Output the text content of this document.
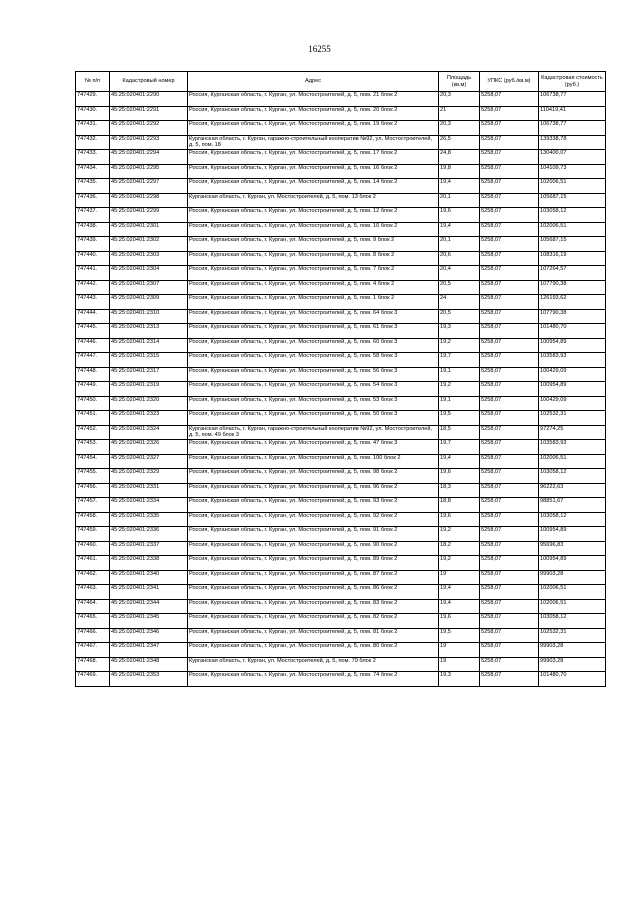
16255
№ п/п	Кадастровый номер	Адрес	Площадь (кв.м)	УПКС (руб./кв.м)	Кадастровая стоимость (руб.)
747429.	45:25:020401:2290	Россия, Курганская область, г. Курган, ул. Мостостроителей, д. 5, пом. 21 блок 2	20,3	5258,07	106738,77
747430.	45:25:020401:2291	Россия, Курганская область, г. Курган, ул. Мостостроителей, д. 5, пом. 20 блок 2	21	5258,07	110419,41
747431.	45:25:020401:2292	Россия, Курганская область, г. Курган, ул. Мостостроителей, д. 5, пом. 19 блок 2	20,3	5258,07	106738,77
747432.	45:25:020401:2293	Курганская область, г. Курган, гаражно-строительный кооператив №92, ул. Мостостроителей, д. 5, пом. 18	26,5	5258,07	139338,78
747433.	45:25:020401:2294	Россия, Курганская область, г. Курган, ул. Мостостроителей, д. 5, пом. 17 блок 2	24,8	5258,07	130400,07
747434.	45:25:020401:2295	Россия, Курганская область, г. Курган, ул. Мостостроителей, д. 5, пом. 16 блок 2	19,8	5258,07	104109,73
747435.	45:25:020401:2297	Россия, Курганская область, г. Курган, ул. Мостостроителей, д. 5, пом. 14 блок 2	19,4	5258,07	102006,51
747436.	45:25:020401:2298	Курганская область, г. Курган, ул. Мостостроителей, д. 5, пом. 13 блок 2	20,1	5258,07	105687,15
747437.	45:25:020401:2299	Россия, Курганская область, г. Курган, ул. Мостостроителей, д. 5, пом. 12 блок 2	19,6	5258,07	103058,12
747438.	45:25:020401:2301	Россия, Курганская область, г. Курган, ул. Мостостроителей, д. 5, пом. 10 блок 2	19,4	5258,07	102006,51
747439.	45:25:020401:2302	Россия, Курганская область, г. Курган, ул. Мостостроителей, д. 5, пом. 9 блок 2	20,1	5258,07	105687,15
747440.	45:25:020401:2303	Россия, Курганская область, г. Курган, ул. Мостостроителей, д. 5, пом. 8 блок 2	20,6	5258,07	108316,19
747441.	45:25:020401:2304	Россия, Курганская область, г. Курган, ул. Мостостроителей, д. 5, пом. 7 блок 2	20,4	5258,07	107264,57
747442.	45:25:020401:2307	Россия, Курганская область, г. Курган, ул. Мостостроителей, д. 5, пом. 4 блок 2	20,5	5258,07	107790,38
747443.	45:25:020401:2309	Россия, Курганская область, г. Курган, ул. Мостостроителей, д. 5, пом. 1 блок 2	24	5258,07	126193,62
747444.	45:25:020401:2310	Россия, Курганская область, г. Курган, ул. Мостостроителей, д. 5, пом. 64 блок 3	20,5	5258,07	107790,38
747445.	45:25:020401:2313	Россия, Курганская область, г. Курган, ул. Мостостроителей, д. 5, пом. 61 блок 3	19,3	5258,07	101480,70
747446.	45:25:020401:2314	Россия, Курганская область, г. Курган, ул. Мостостроителей, д. 5, пом. 60 блок 3	19,2	5258,07	100954,89
747447.	45:25:020401:2315	Россия, Курганская область, г. Курган, ул. Мостостроителей, д. 5, пом. 58 блок 3	19,7	5258,07	103583,93
747448.	45:25:020401:2317	Россия, Курганская область, г. Курган, ул. Мостостроителей, д. 5, пом. 56 блок 3	19,1	5258,07	100429,09
747449.	45:25:020401:2319	Россия, Курганская область, г. Курган, ул. Мостостроителей, д. 5, пом. 54 блок 3	19,2	5258,07	100954,89
747450.	45:25:020401:2320	Россия, Курганская область, г. Курган, ул. Мостостроителей, д. 5, пом. 53 блок 3	19,1	5258,07	100429,09
747451.	45:25:020401:2323	Россия, Курганская область, г. Курган, ул. Мостостроителей, д. 5, пом. 50 блок 3	19,5	5258,07	102532,31
747452.	45:25:020401:2324	Курганская область, г. Курган, гаражно-строительный кооператив №92, ул. Мостостроителей, д. 5, пом. 49 блок 3	18,5	5258,07	97274,25
747453.	45:25:020401:2326	Россия, Курганская область, г. Курган, ул. Мостостроителей, д. 5, пом. 47 блок 3	19,7	5258,07	103583,93
747454.	45:25:020401:2327	Россия, Курганская область, г. Курган, ул. Мостостроителей, д. 5, пом. 100 блок 2	19,4	5258,07	102006,51
747455.	45:25:020401:2329	Россия, Курганская область, г. Курган, ул. Мостостроителей, д. 5, пом. 98 блок 2	19,6	5258,07	103058,12
747456.	45:25:020401:2331	Россия, Курганская область, г. Курган, ул. Мостостроителей, д. 5, пом. 96 блок 2	18,3	5258,07	96222,63
747457.	45:25:020401:2334	Россия, Курганская область, г. Курган, ул. Мостостроителей, д. 5, пом. 93 блок 2	18,8	5258,07	98851,67
747458.	45:25:020401:2335	Россия, Курганская область, г. Курган, ул. Мостостроителей, д. 5, пом. 92 блок 2	19,6	5258,07	103058,12
747459.	45:25:020401:2336	Россия, Курганская область, г. Курган, ул. Мостостроителей, д. 5, пом. 91 блок 2	19,2	5258,07	100954,89
747460.	45:25:020401:2337	Россия, Курганская область, г. Курган, ул. Мостостроителей, д. 5, пом. 90 блок 2	18,2	5258,07	95696,83
747461.	45:25:020401:2338	Россия, Курганская область, г. Курган, ул. Мостостроителей, д. 5, пом. 89 блок 2	19,2	5258,07	100954,89
747462.	45:25:020401:2340	Россия, Курганская область, г. Курган, ул. Мостостроителей, д. 5, пом. 87 блок 2	19	5258,07	99903,28
747463.	45:25:020401:2341	Россия, Курганская область, г. Курган, ул. Мостостроителей, д. 5, пом. 86 блок 2	19,4	5258,07	102006,51
747464.	45:25:020401:2344	Россия, Курганская область, г. Курган, ул. Мостостроителей, д. 5, пом. 83 блок 2	19,4	5258,07	102006,51
747465.	45:25:020401:2345	Россия, Курганская область, г. Курган, ул. Мостостроителей, д. 5, пом. 82 блок 2	19,6	5258,07	103058,12
747466.	45:25:020401:2346	Россия, Курганская область, г. Курган, ул. Мостостроителей, д. 5, пом. 81 блок 2	19,5	5258,07	102532,31
747467.	45:25:020401:2347	Россия, Курганская область, г. Курган, ул. Мостостроителей, д. 5, пом. 80 блок 2	19	5258,07	99903,28
747468.	45:25:020401:2348	Курганская область, г. Курган, ул. Мостостроителей, д. 5, пом. 79 блок 2	19	5258,07	99903,28
747469.	45:25:020401:2353	Россия, Курганская область, г. Курган, ул. Мостостроителей, д. 5, пом. 74 блок 2	19,3	5258,07	101480,70
